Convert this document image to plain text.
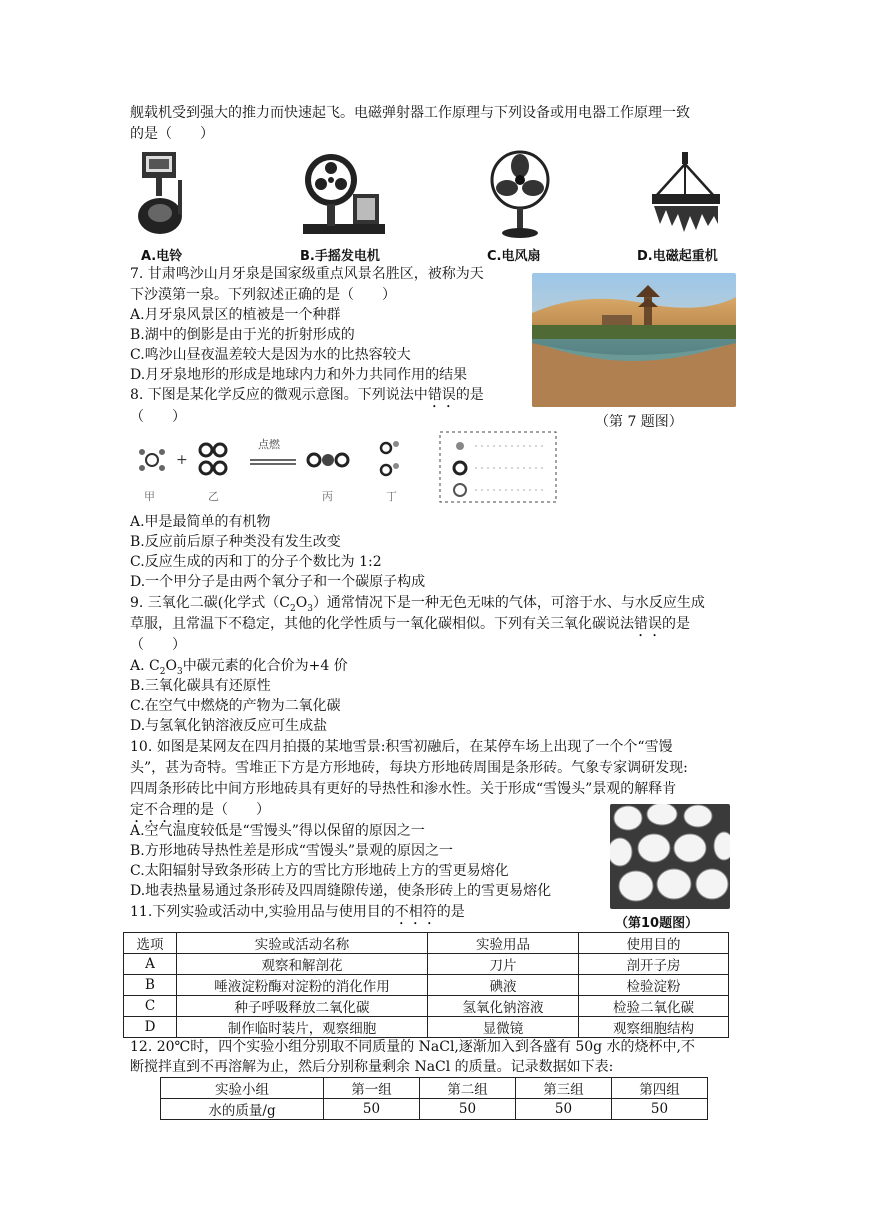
舰载机受到强大的推力而快速起飞。电磁弹射器工作原理与下列设备或用电器工作原理一致
的是（　　）
A.电铃	B.手摇发电机	C.电风扇	D.电磁起重机
7. 甘肃鸣沙山月牙泉是国家级重点风景名胜区，被称为天
下沙漠第一泉。下列叙述正确的是（　　）
A.月牙泉风景区的植被是一个种群
B.湖中的倒影是由于光的折射形成的
C.鸣沙山昼夜温差较大是因为水的比热容较大
D.月牙泉地形的形成是地球内力和外力共同作用的结果
（第 7 题图）
8. 下图是某化学反应的微观示意图。下列说法中错误的是
（　　）
+
点燃
甲	乙	丙	丁
A.甲是最简单的有机物
B.反应前后原子种类没有发生改变
C.反应生成的丙和丁的分子个数比为 1:2
D.一个甲分子是由两个氧分子和一个碳原子构成
9. 三氧化二碳(化学式$(C_2O_3)$通常情况下是一种无色无味的气体，可溶于水、与水反应生成
草服，且常温下不稳定，其他的化学性质与一氧化碳相似。下列有关三氧化碳说法错误的是
（　　）
A. $C_2O_3$中碳元素的化合价为+4 价
B.三氧化碳具有还原性
C.在空气中燃烧的产物为二氧化碳
D.与氢氧化钠溶液反应可生成盐
10. 如图是某网友在四月拍摄的某地雪景:积雪初融后，在某停车场上出现了一个个“雪馒
头”，甚为奇特。雪堆正下方是方形地砖，每块方形地砖周围是条形砖。气象专家调研发现:
四周条形砖比中间方形地砖具有更好的导热性和渗水性。关于形成“雪馒头”景观的解释肯
定不合理的是（　　）
A.空气温度较低是“雪馒头”得以保留的原因之一
B.方形地砖导热性差是形成“雪馒头”景观的原因之一
C.太阳辐射导致条形砖上方的雪比方形地砖上方的雪更易熔化
D.地表热量易通过条形砖及四周缝隙传递，使条形砖上的雪更易熔化
（第10题图）
11.下列实验或活动中,实验用品与使用目的不相符的是
选项	实验或活动名称	实验用品	使用目的
A	观察和解剖花	刀片	剖开子房
B	唾液淀粉酶对淀粉的消化作用	碘液	检验淀粉
C	种子呼吸释放二氧化碳	氢氧化钠溶液	检验二氧化碳
D	制作临时装片，观察细胞	显微镜	观察细胞结构
12. 20℃时，四个实验小组分别取不同质量的 NaCl,逐渐加入到各盛有 50g 水的烧杯中,不
断搅拌直到不再溶解为止，然后分别称量剩余 NaCl 的质量。记录数据如下表:
实验小组	第一组	第二组	第三组	第四组
水的质量/g	50	50	50	50
